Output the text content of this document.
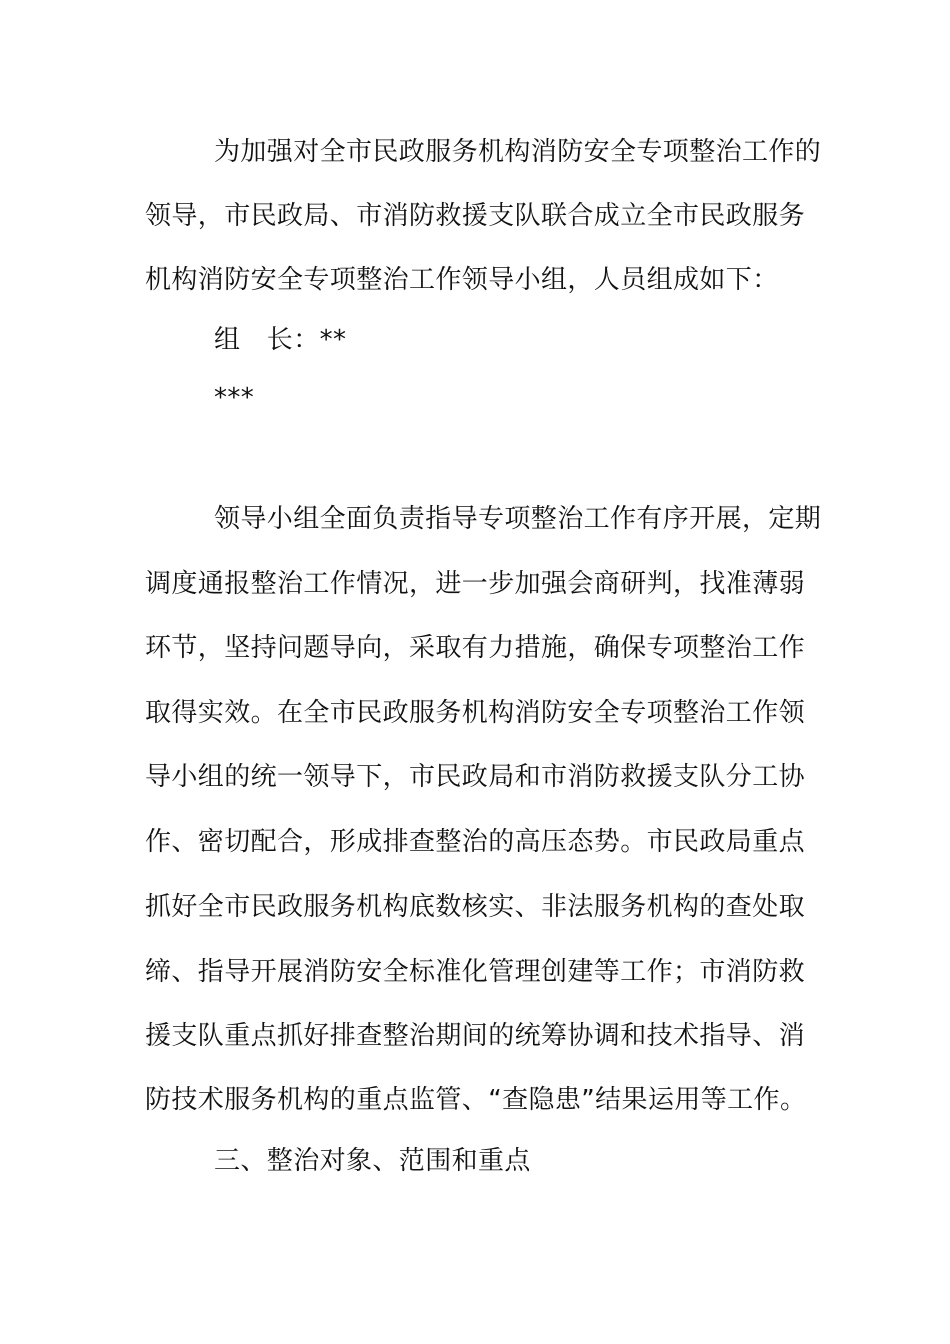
为加强对全市民政服务机构消防安全专项整治工作的
领导，市民政局、市消防救援支队联合成立全市民政服务
机构消防安全专项整治工作领导小组，人员组成如下：
组　长：**
***
领导小组全面负责指导专项整治工作有序开展，定期
调度通报整治工作情况，进一步加强会商研判，找准薄弱
环节，坚持问题导向，采取有力措施，确保专项整治工作
取得实效。在全市民政服务机构消防安全专项整治工作领
导小组的统一领导下，市民政局和市消防救援支队分工协
作、密切配合，形成排查整治的高压态势。市民政局重点
抓好全市民政服务机构底数核实、非法服务机构的查处取
缔、指导开展消防安全标准化管理创建等工作；市消防救
援支队重点抓好排查整治期间的统筹协调和技术指导、消
防技术服务机构的重点监管、“查隐患”结果运用等工作。
三、整治对象、范围和重点
